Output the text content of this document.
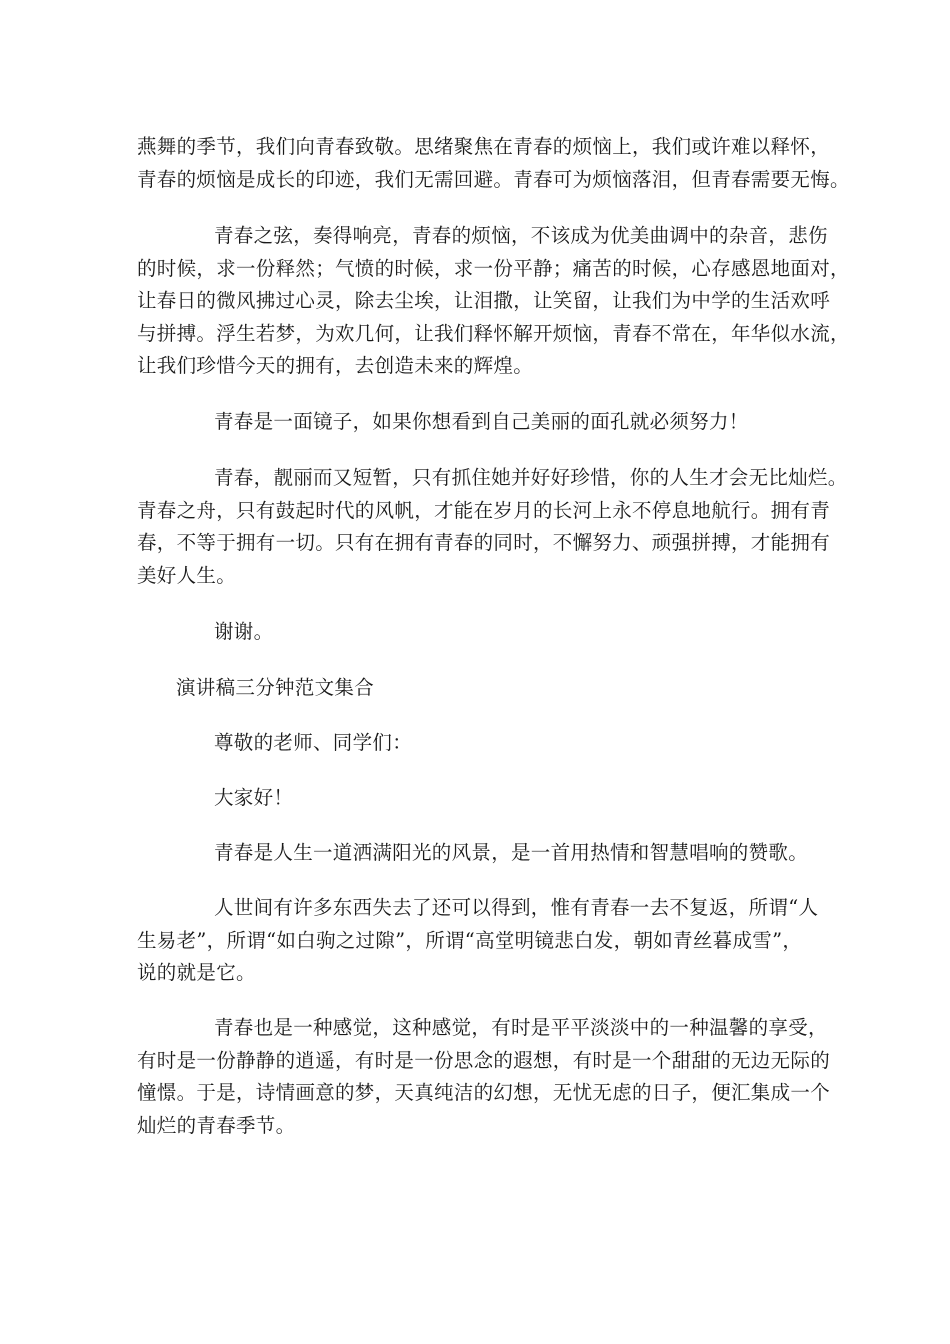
燕舞的季节，我们向青春致敬。思绪聚焦在青春的烦恼上，我们或许难以释怀，
青春的烦恼是成长的印迹，我们无需回避。青春可为烦恼落泪，但青春需要无悔。
青春之弦，奏得响亮，青春的烦恼，不该成为优美曲调中的杂音，悲伤
的时候，求一份释然；气愤的时候，求一份平静；痛苦的时候，心存感恩地面对，
让春日的微风拂过心灵，除去尘埃，让泪撒，让笑留，让我们为中学的生活欢呼
与拼搏。浮生若梦，为欢几何，让我们释怀解开烦恼，青春不常在，年华似水流，
让我们珍惜今天的拥有，去创造未来的辉煌。
青春是一面镜子，如果你想看到自己美丽的面孔就必须努力！
青春，靓丽而又短暂，只有抓住她并好好珍惜，你的人生才会无比灿烂。
青春之舟，只有鼓起时代的风帆，才能在岁月的长河上永不停息地航行。拥有青
春，不等于拥有一切。只有在拥有青春的同时，不懈努力、顽强拼搏，才能拥有
美好人生。
谢谢。
演讲稿三分钟范文集合
尊敬的老师、同学们：
大家好！
青春是人生一道洒满阳光的风景，是一首用热情和智慧唱响的赞歌。
人世间有许多东西失去了还可以得到，惟有青春一去不复返，所谓“人
生易老”，所谓“如白驹之过隙”，所谓“高堂明镜悲白发，朝如青丝暮成雪”，
说的就是它。
青春也是一种感觉，这种感觉，有时是平平淡淡中的一种温馨的享受，
有时是一份静静的逍遥，有时是一份思念的遐想，有时是一个甜甜的无边无际的
憧憬。于是，诗情画意的梦，天真纯洁的幻想，无忧无虑的日子，便汇集成一个
灿烂的青春季节。
